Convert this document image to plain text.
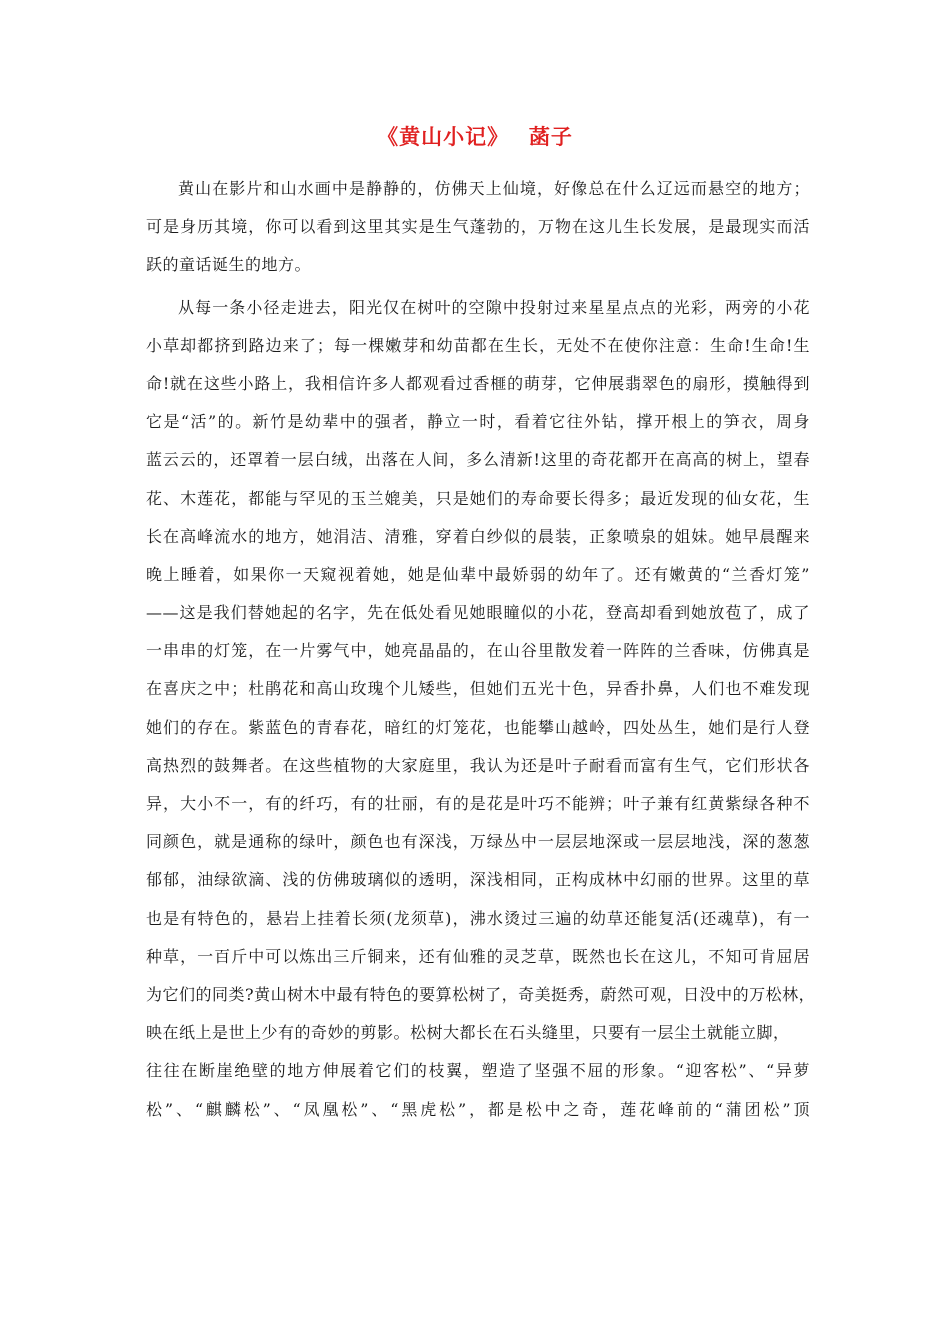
《黄山小记》　 菡子
黄山在影片和山水画中是静静的，仿佛天上仙境，好像总在什么辽远而悬空的地方；
可是身历其境，你可以看到这里其实是生气蓬勃的，万物在这儿生长发展，是最现实而活
跃的童话诞生的地方。
从每一条小径走进去，阳光仅在树叶的空隙中投射过来星星点点的光彩，两旁的小花
小草却都挤到路边来了；每一棵嫩芽和幼苗都在生长，无处不在使你注意：生命!生命!生
命!就在这些小路上，我相信许多人都观看过香榧的萌芽，它伸展翡翠色的扇形，摸触得到
它是“活”的。新竹是幼辈中的强者，静立一时，看着它往外钻，撑开根上的笋衣，周身
蓝云云的，还罩着一层白绒，出落在人间，多么清新!这里的奇花都开在高高的树上，望春
花、木莲花，都能与罕见的玉兰媲美，只是她们的寿命要长得多；最近发现的仙女花，生
长在高峰流水的地方，她涓洁、清雅，穿着白纱似的晨装，正象喷泉的姐妹。她早晨醒来
晚上睡着，如果你一天窥视着她，她是仙辈中最娇弱的幼年了。还有嫩黄的“兰香灯笼”
——这是我们替她起的名字，先在低处看见她眼瞳似的小花，登高却看到她放苞了，成了
一串串的灯笼，在一片雾气中，她亮晶晶的，在山谷里散发着一阵阵的兰香味，仿佛真是
在喜庆之中；杜鹃花和高山玫瑰个儿矮些，但她们五光十色，异香扑鼻，人们也不难发现
她们的存在。紫蓝色的青春花，暗红的灯笼花，也能攀山越岭，四处丛生，她们是行人登
高热烈的鼓舞者。在这些植物的大家庭里，我认为还是叶子耐看而富有生气，它们形状各
异，大小不一，有的纤巧，有的壮丽，有的是花是叶巧不能辨；叶子兼有红黄紫绿各种不
同颜色，就是通称的绿叶，颜色也有深浅，万绿丛中一层层地深或一层层地浅，深的葱葱
郁郁，油绿欲滴、浅的仿佛玻璃似的透明，深浅相同，正构成林中幻丽的世界。这里的草
也是有特色的，悬岩上挂着长须(龙须草)，沸水烫过三遍的幼草还能复活(还魂草)，有一
种草，一百斤中可以炼出三斤铜来，还有仙雅的灵芝草，既然也长在这儿，不知可肯屈居
为它们的同类?黄山树木中最有特色的要算松树了，奇美挺秀，蔚然可观，日没中的万松林，
映在纸上是世上少有的奇妙的剪影。松树大都长在石头缝里，只要有一层尘土就能立脚，
往往在断崖绝壁的地方伸展着它们的枝翼，塑造了坚强不屈的形象。“迎客松”、“异萝
松”、“麒麟松”、“凤凰松”、“黑虎松”，都是松中之奇，莲花峰前的“蒲团松”顶
